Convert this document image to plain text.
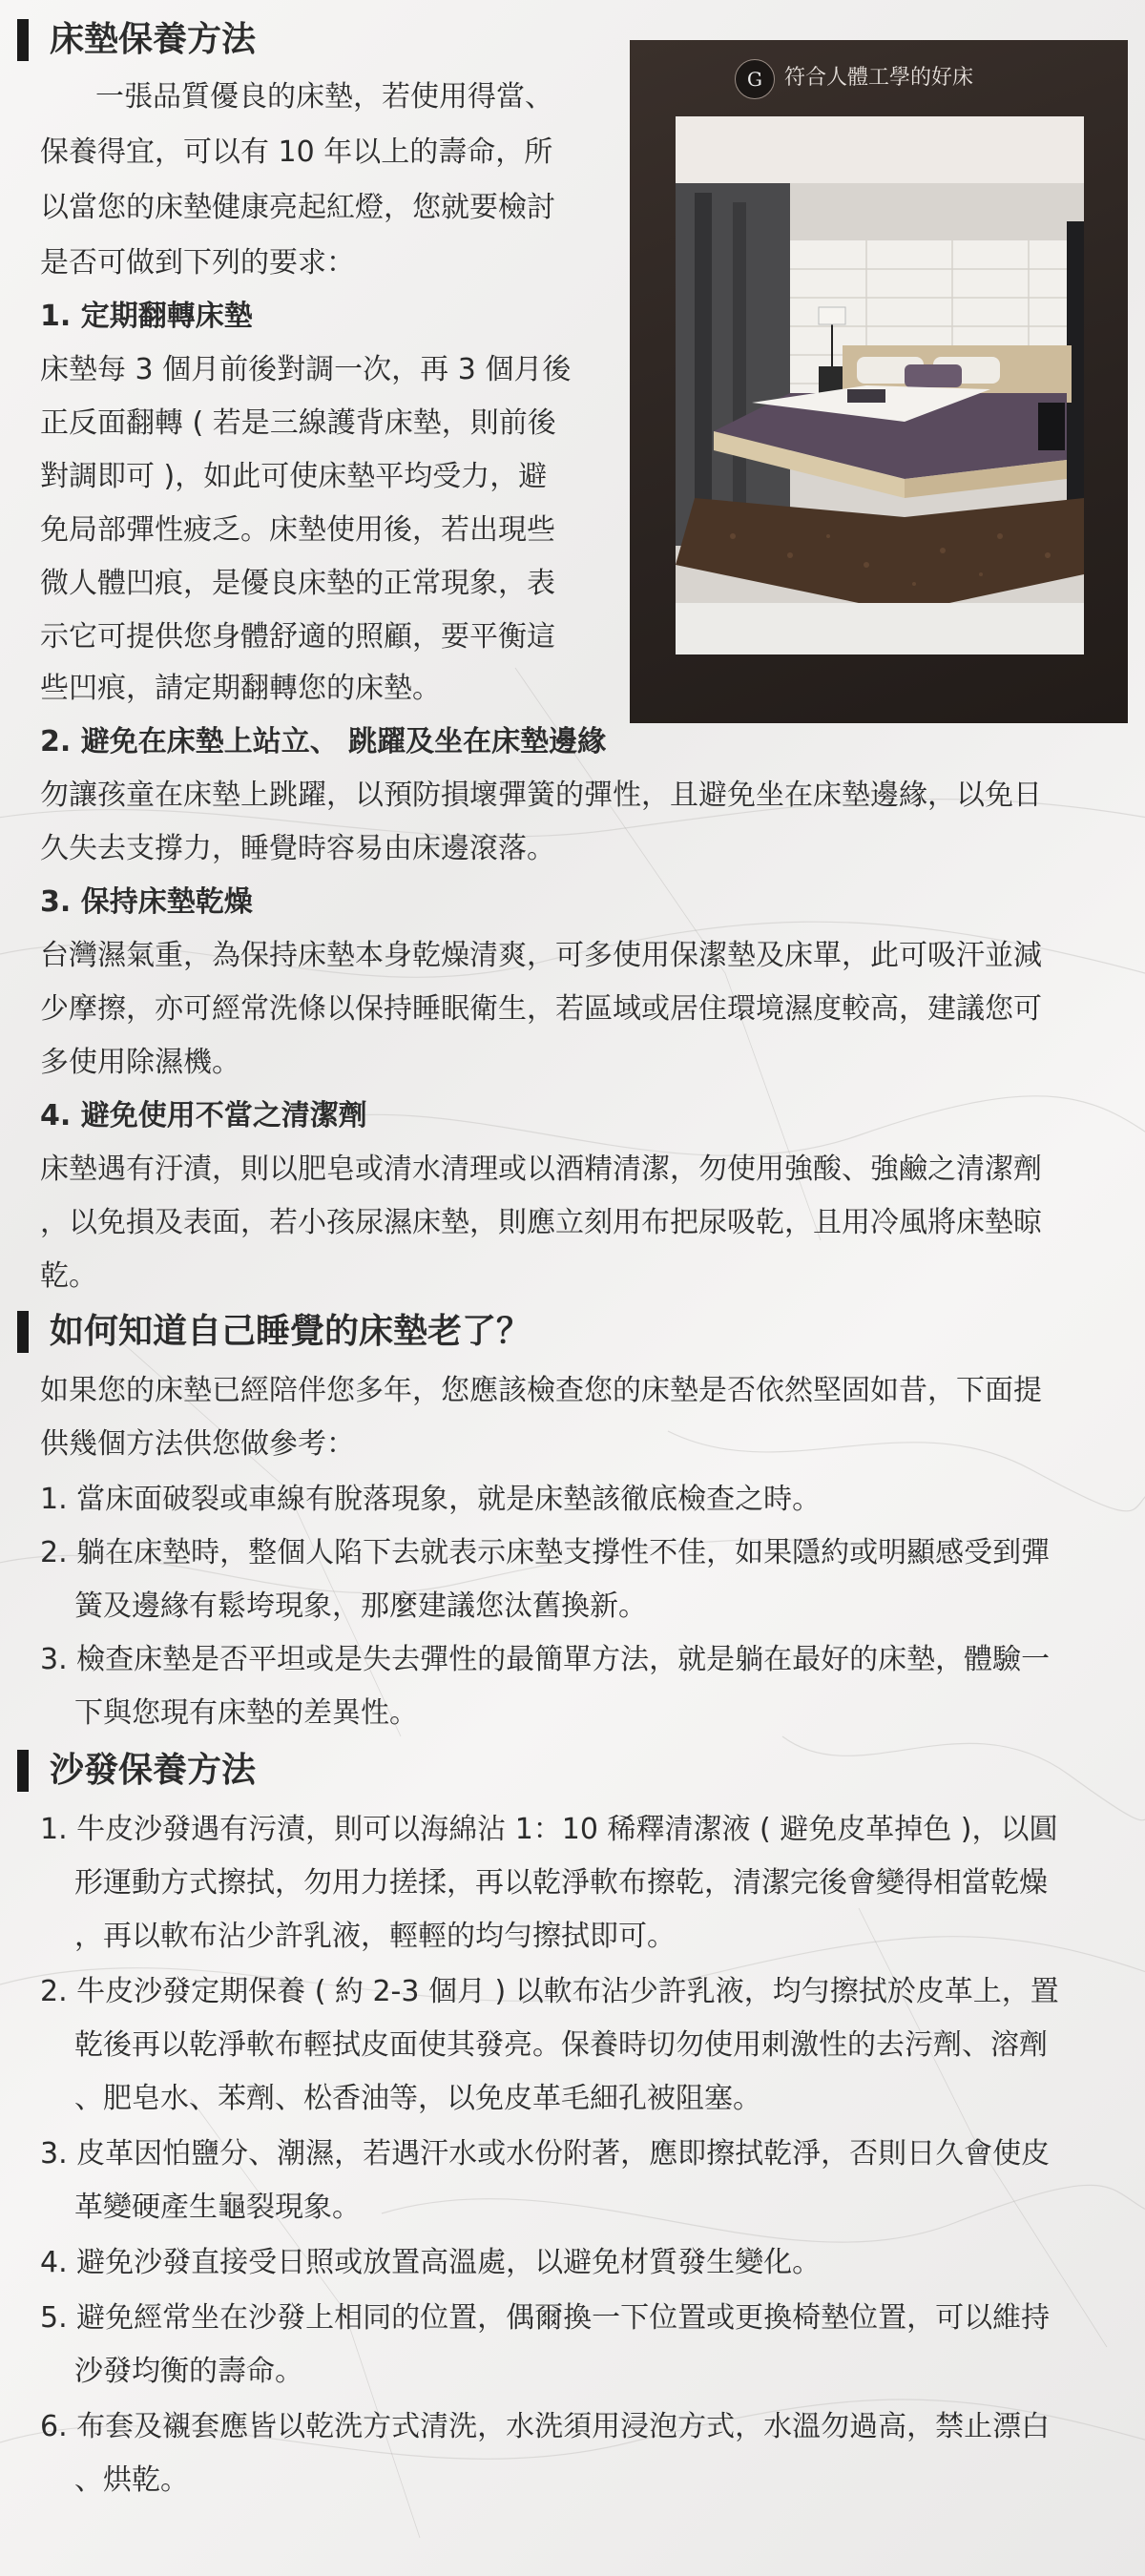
床墊保養方法
一張品質優良的床墊，若使用得當、
保養得宜，可以有 10 年以上的壽命，所
以當您的床墊健康亮起紅燈，您就要檢討
是否可做到下列的要求：
1. 定期翻轉床墊
床墊每 3 個月前後對調一次，再 3 個月後
正反面翻轉 ( 若是三線護背床墊，則前後
對調即可 )，如此可使床墊平均受力，避
免局部彈性疲乏。床墊使用後，若出現些
微人體凹痕，是優良床墊的正常現象，表
示它可提供您身體舒適的照顧，要平衡這
些凹痕，請定期翻轉您的床墊。
G	符合人體工學的好床
2. 避免在床墊上站立、 跳躍及坐在床墊邊緣
勿讓孩童在床墊上跳躍，以預防損壞彈簧的彈性，且避免坐在床墊邊緣，以免日
久失去支撐力，睡覺時容易由床邊滾落。
3. 保持床墊乾燥
台灣濕氣重，為保持床墊本身乾燥清爽，可多使用保潔墊及床單，此可吸汗並減
少摩擦，亦可經常洗條以保持睡眠衛生，若區域或居住環境濕度較高，建議您可
多使用除濕機。
4. 避免使用不當之清潔劑
床墊遇有汙漬，則以肥皂或清水清理或以酒精清潔，勿使用強酸、強鹼之清潔劑
，以免損及表面，若小孩尿濕床墊，則應立刻用布把尿吸乾，且用冷風將床墊晾
乾。
如何知道自己睡覺的床墊老了？
如果您的床墊已經陪伴您多年，您應該檢查您的床墊是否依然堅固如昔，下面提
供幾個方法供您做參考：
1. 當床面破裂或車線有脫落現象，就是床墊該徹底檢查之時。
2. 躺在床墊時，整個人陷下去就表示床墊支撐性不佳，如果隱約或明顯感受到彈
簧及邊緣有鬆垮現象，那麼建議您汰舊換新。
3. 檢查床墊是否平坦或是失去彈性的最簡單方法，就是躺在最好的床墊，體驗一
下與您現有床墊的差異性。
沙發保養方法
1. 牛皮沙發遇有污漬，則可以海綿沾 1：10 稀釋清潔液 ( 避免皮革掉色 )，以圓
形運動方式擦拭，勿用力搓揉，再以乾淨軟布擦乾，清潔完後會變得相當乾燥
，再以軟布沾少許乳液，輕輕的均勻擦拭即可。
2. 牛皮沙發定期保養 ( 約 2-3 個月 ) 以軟布沾少許乳液，均勻擦拭於皮革上，置
乾後再以乾淨軟布輕拭皮面使其發亮。保養時切勿使用刺激性的去污劑、溶劑
、肥皂水、苯劑、松香油等，以免皮革毛細孔被阻塞。
3. 皮革因怕鹽分、潮濕，若遇汗水或水份附著，應即擦拭乾淨，否則日久會使皮
革變硬產生龜裂現象。
4. 避免沙發直接受日照或放置高溫處，以避免材質發生變化。
5. 避免經常坐在沙發上相同的位置，偶爾換一下位置或更換椅墊位置，可以維持
沙發均衡的壽命。
6. 布套及襯套應皆以乾洗方式清洗，水洗須用浸泡方式，水溫勿過高，禁止漂白
、烘乾。
